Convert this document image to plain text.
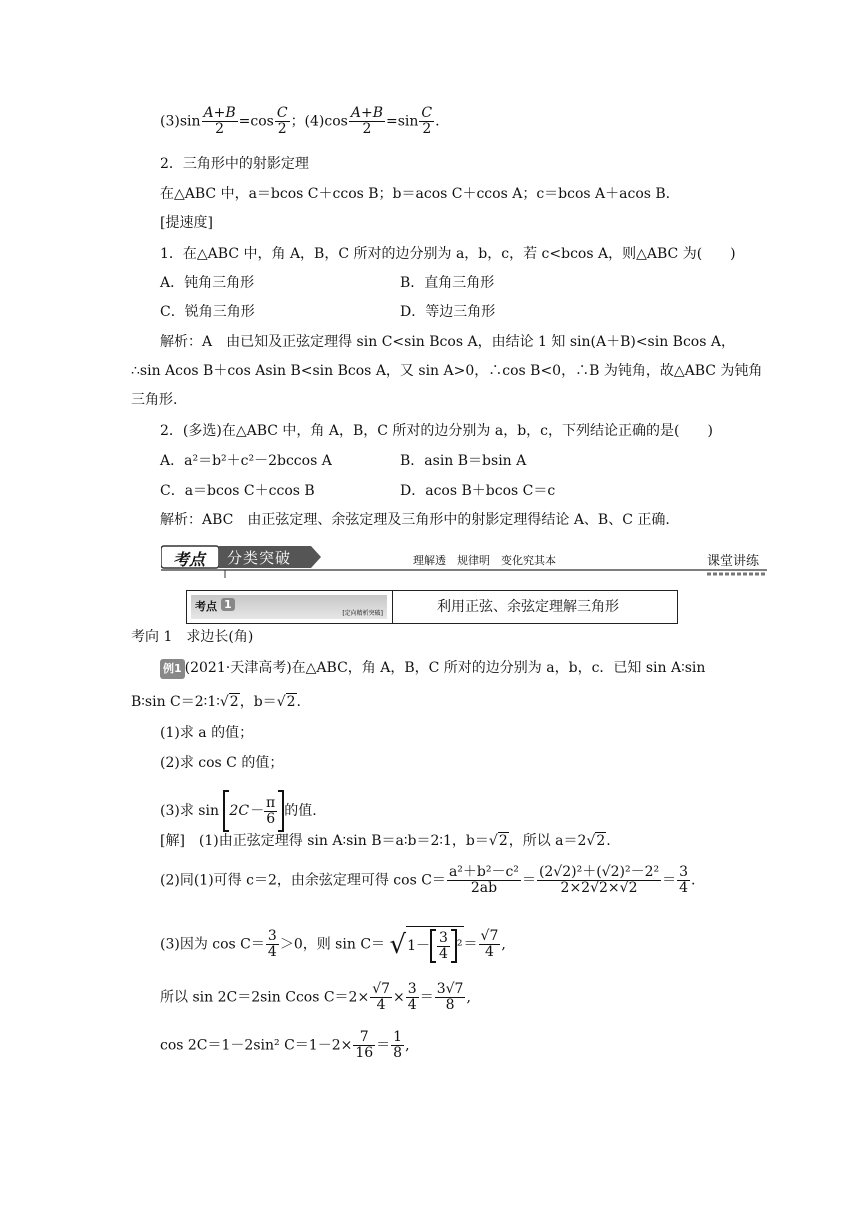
$(3)\sin \frac{A+B}{2} =\cos \frac{C}{2}$ ；$(4)\cos \frac{A+B}{2} =\sin \frac{C}{2}$ .
2．三角形中的射影定理
在△ABC 中，a＝bcos C＋ccos B；b＝acos C＋ccos A；c＝bcos A＋acos B.
[提速度]
1．在△ABC 中，角 A，B，C 所对的边分别为 a，b，c，若 c<bcos A，则△ABC 为(　　)
A．钝角三角形	B．直角三角形
C．锐角三角形	D．等边三角形
解析：A　由已知及正弦定理得 sin C<sin Bcos A，由结论 1 知 sin(A＋B)<sin Bcos A，
∴sin Acos B＋cos Asin B<sin Bcos A，又 sin A>0，∴cos B<0，∴B 为钝角，故△ABC 为钝角
三角形.
2．(多选)在△ABC 中，角 A，B，C 所对的边分别为 a，b，c，下列结论正确的是(　　)
A．a²＝b²＋c²－2bccos A	B．asin B＝bsin A
C．a＝bcos C＋ccos B	D．acos B＋bcos C＝c
解析：ABC　由正弦定理、余弦定理及三角形中的射影定理得结论 A、B、C 正确.
考点 分类突破	理解透　规律明　变化究其本	课堂讲练
考点 1
[定向精析突破]	利用正弦、余弦定理解三角形
考向 1　求边长(角)
例1 (2021·天津高考)在△ABC，角 A，B，C 所对的边分别为 a，b，c．已知 sin A∶sin
B∶sin C＝2∶1∶√2，b＝√2.
(1)求 a 的值；
(2)求 cos C 的值；
(3)求 $\sin 2C- \frac{\pi}{6}$ 的值.
[解]　(1)由正弦定理得 sin A∶sin B＝a∶b＝2∶1，b＝√2，所以 a＝2√2.
(2)同(1)可得 c＝2，由余弦定理可得 $\cos C= \frac{\text{a²＋b²－c²}}{2ab} = \frac{\text{(2√2)²＋(√2)²－2²}}{2\times 2√2\times√2} = \frac{3}{4}$ .
(3)因为 $\cos C= \frac{3}{4} >0$，则 $\sin C= √1- \frac{3}{4} ^2= \frac{√7}{4}$ ,
所以 sin 2C＝2sin Ccos $C=2\times \frac{√7}{4} \times \frac{3}{4} = \frac{3√7}{8}$ ,
cos 2C＝1－2sin² $C=1-2\times \frac{7}{16} = \frac{1}{8}$ ,
